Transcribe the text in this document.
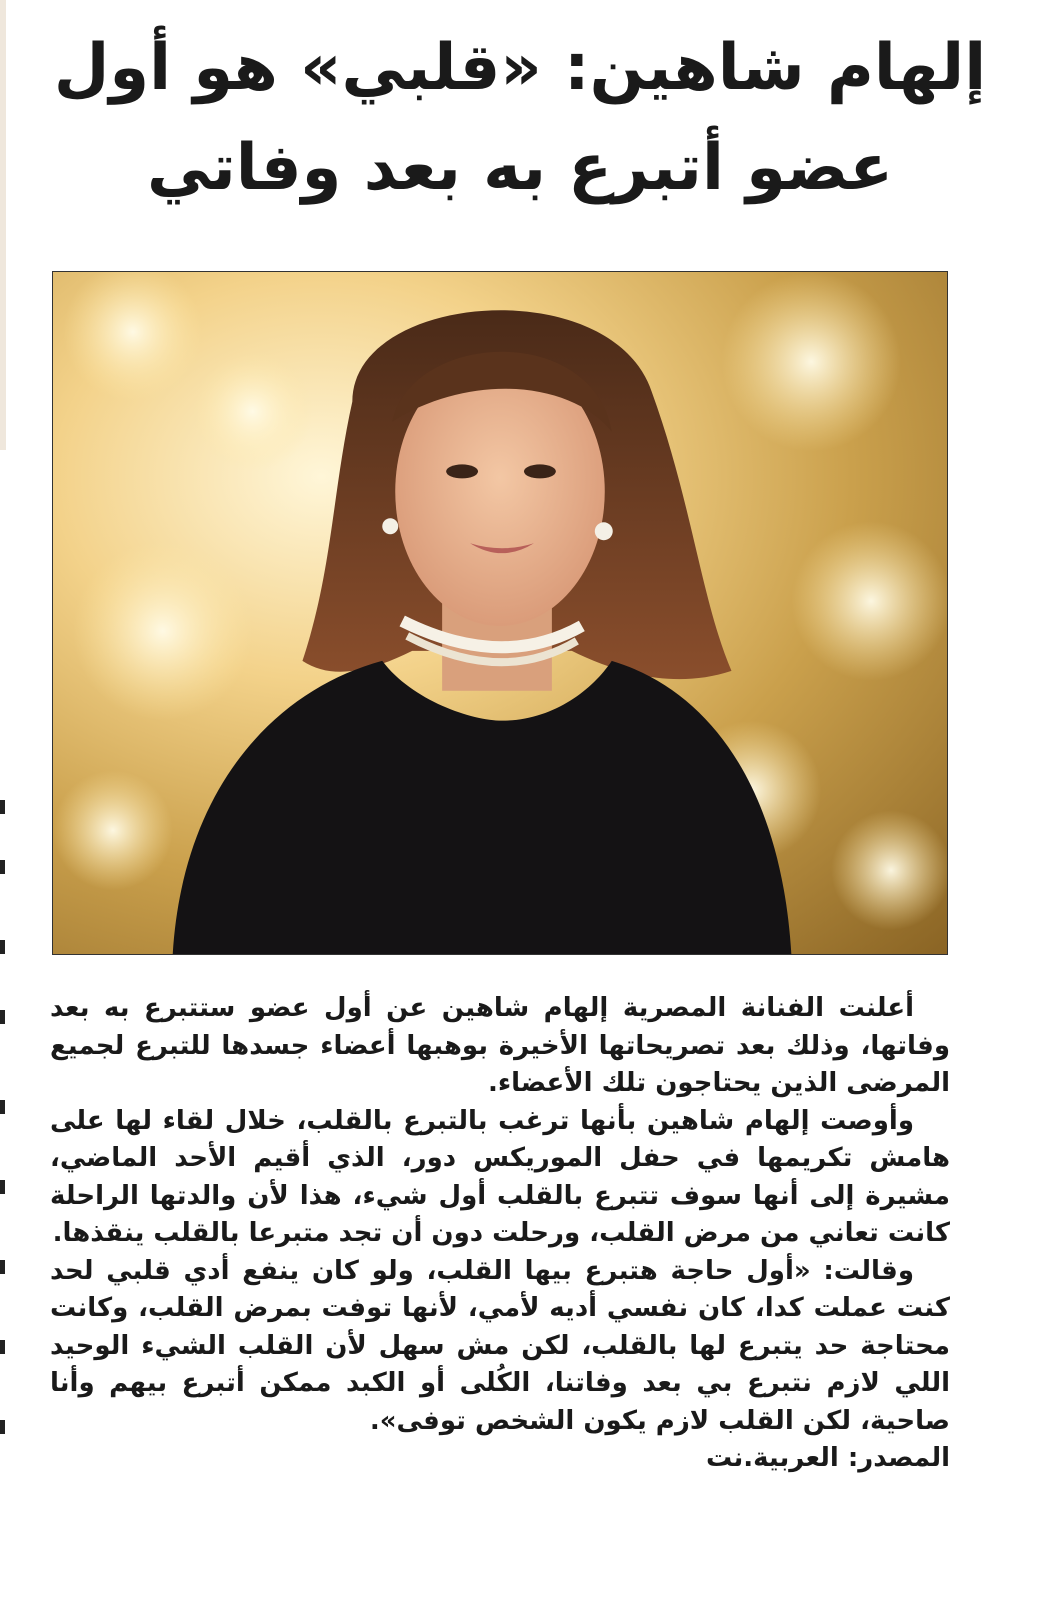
إلهام شاهين: «قلبي» هو أول
عضو أتبرع به بعد وفاتي

أعلنت الفنانة المصرية إلهام شاهين عن أول عضو ستتبرع به بعد وفاتها، وذلك بعد تصريحاتها الأخيرة بوهبها أعضاء جسدها للتبرع لجميع المرضى الذين يحتاجون تلك الأعضاء.

وأوصت إلهام شاهين بأنها ترغب بالتبرع بالقلب، خلال لقاء لها على هامش تكريمها في حفل الموريكس دور، الذي أقيم الأحد الماضي، مشيرة إلى أنها سوف تتبرع بالقلب أول شيء، هذا لأن والدتها الراحلة كانت تعاني من مرض القلب، ورحلت دون أن تجد متبرعا بالقلب ينقذها.

وقالت: «أول حاجة هتبرع بيها القلب، ولو كان ينفع أدي قلبي لحد كنت عملت كدا، كان نفسي أديه لأمي، لأنها توفت بمرض القلب، وكانت محتاجة حد يتبرع لها بالقلب، لكن مش سهل لأن القلب الشيء الوحيد اللي لازم نتبرع بي بعد وفاتنا، الكُلى أو الكبد ممكن أتبرع بيهم وأنا صاحية، لكن القلب لازم يكون الشخص توفى».

المصدر: العربية.نت
